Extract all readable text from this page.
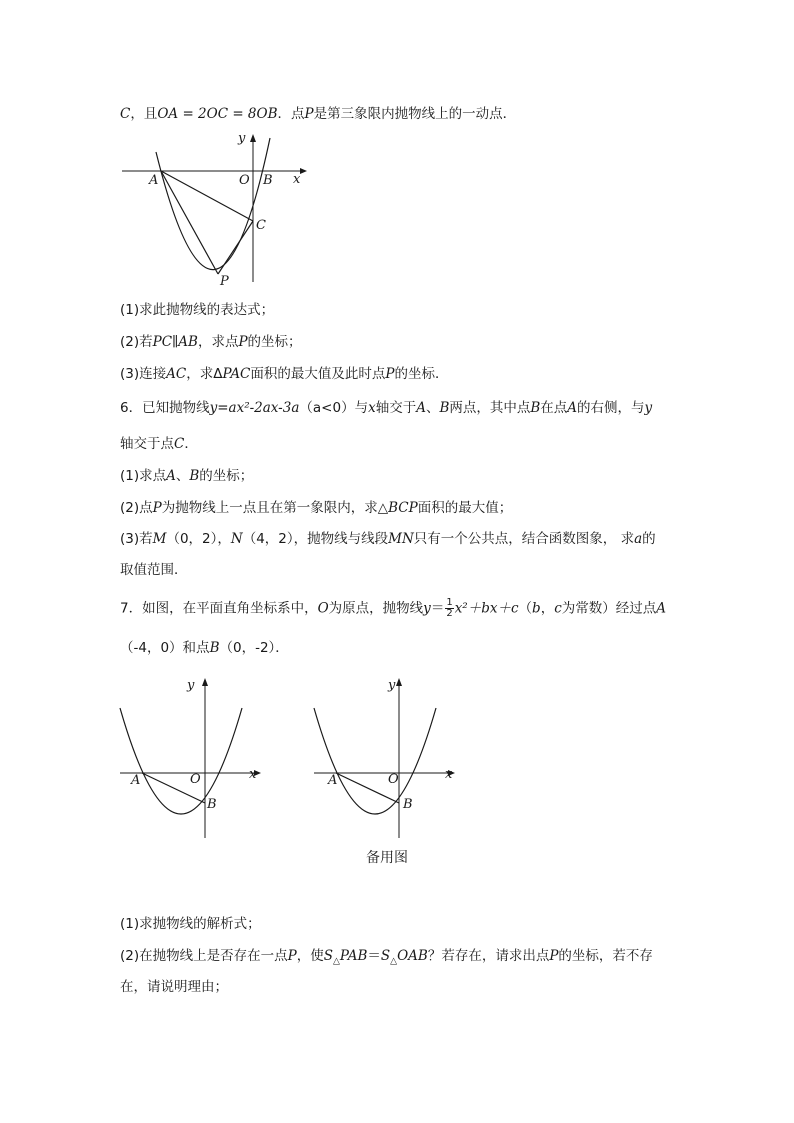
C，且OA = 2OC = 8OB．点P是第三象限内抛物线上的一动点．
y
x
A	O B
C
P
(1)求此抛物线的表达式；
(2)若PC∥AB，求点P的坐标；
(3)连接AC，求ΔPAC面积的最大值及此时点P的坐标．
6．已知抛物线y=ax²-2ax-3a（a<0）与x轴交于A、B两点，其中点B在点A的右侧，与y
轴交于点C．
(1)求点A、B的坐标；
(2)点P为抛物线上一点且在第一象限内，求△BCP面积的最大值；
(3)若M（0，2），N（4，2），抛物线与线段MN只有一个公共点，结合函数图象， 求a的
取值范围．
7．如图，在平面直角坐标系中，O为原点，抛物线$y= \frac{1}{2} x^2+bx+c(b$，c为常数）经过点A
（-4，0）和点B（0，-2）．
y
x
A	O
B
y
x
A	O
B
备用图
(1)求抛物线的解析式；
(2)在抛物线上是否存在一点P，使$S_\triangle PAB=S_\triangle OAB$？若存在，请求出点P的坐标，若不存
在，请说明理由；
